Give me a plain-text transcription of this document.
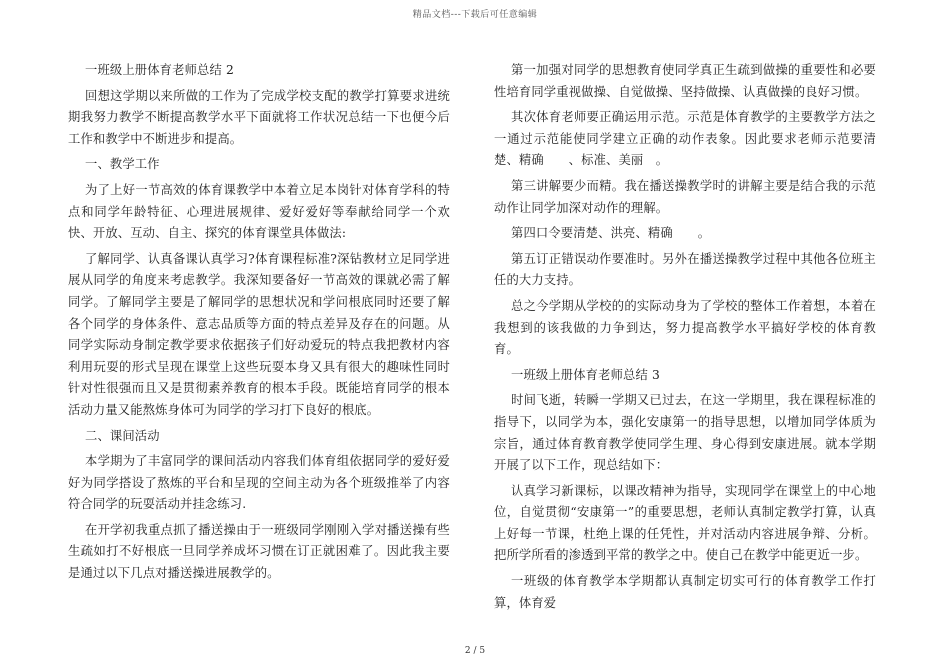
精品文档---下载后可任意编辑

一班级上册体育老师总结 2

回想这学期以来所做的工作为了完成学校支配的教学打算要求进统期我努力教学不断提高教学水平下面就将工作状况总结一下也便今后工作和教学中不断进步和提高。

一、教学工作

为了上好一节高效的体育课教学中本着立足本岗针对体育学科的特点和同学年龄特征、心理进展规律、爱好爱好等奉献给同学一个欢快、开放、互动、自主、探究的体育课堂具体做法:

了解同学、认真备课认真学习?体育课程标准?深钻教材立足同学进展从同学的角度来考虑教学。我深知要备好一节高效的课就必需了解同学。了解同学主要是了解同学的思想状况和学问根底同时还要了解各个同学的身体条件、意志品质等方面的特点差异及存在的问题。从同学实际动身制定教学要求依据孩子们好动爱玩的特点我把教材内容利用玩耍的形式呈现在课堂上这些玩耍本身又具有很大的趣味性同时针对性很强而且又是贯彻素养教育的根本手段。既能培育同学的根本活动力量又能熬炼身体可为同学的学习打下良好的根底。

二、课间活动

本学期为了丰富同学的课间活动内容我们体育组依据同学的爱好爱好为同学搭设了熬炼的平台和呈现的空间主动为各个班级推举了内容符合同学的玩耍活动并挂念练习.

在开学初我重点抓了播送操由于一班级同学刚刚入学对播送操有些生疏如打不好根底一旦同学养成坏习惯在订正就困难了。因此我主要是通过以下几点对播送操进展教学的。

第一加强对同学的思想教育使同学真正生疏到做操的重要性和必要性培育同学重视做操、自觉做操、坚持做操、认真做操的良好习惯。

其次体育老师要正确运用示范。示范是体育教学的主要教学方法之一通过示范能使同学建立正确的动作表象。因此要求老师示范要清楚、精确　　、标准、美丽　。

第三讲解要少而精。我在播送操教学时的讲解主要是结合我的示范动作让同学加深对动作的理解。

第四口令要清楚、洪亮、精确　　。

第五订正错误动作要准时。另外在播送操教学过程中其他各位班主任的大力支持。

总之今学期从学校的的实际动身为了学校的整体工作着想，本着在我想到的该我做的力争到达，努力提高教学水平搞好学校的体育教育。

一班级上册体育老师总结 3

时间飞逝，转瞬一学期又已过去，在这一学期里，我在课程标准的指导下，以同学为本，强化安康第一的指导思想，以增加同学体质为宗旨，通过体育教育教学使同学生理、身心得到安康进展。就本学期开展了以下工作，现总结如下：

认真学习新课标，以课改精神为指导，实现同学在课堂上的中心地位，自觉贯彻“安康第一”的重要思想，老师认真制定教学打算，认真上好每一节课，杜绝上课的任凭性，并对活动内容进展争辩、分析。把所学所看的渗透到平常的教学之中。使自己在教学中能更近一步。

一班级的体育教学本学期都认真制定切实可行的体育教学工作打算，体育爱

2 / 5
